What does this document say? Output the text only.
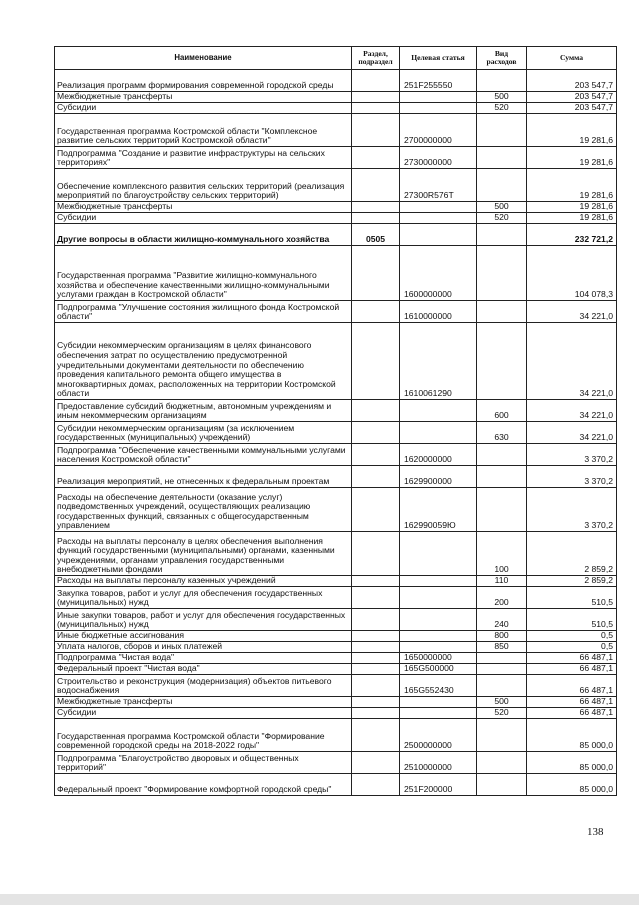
Наименование	Раздел, подраздел	Целевая статья	Вид расходов	Сумма
Реализация программ формирования современной городской среды		251F255550		203 547,7
Межбюджетные трансферты			500	203 547,7
Субсидии			520	203 547,7
Государственная программа Костромской области "Комплексное развитие сельских территорий Костромской области"		2700000000		19 281,6
Подпрограмма "Создание и развитие инфраструктуры на сельских территориях"		2730000000		19 281,6
Обеспечение комплексного развития сельских территорий (реализация мероприятий по благоустройству сельских территорий)		27300R576T		19 281,6
Межбюджетные трансферты			500	19 281,6
Субсидии			520	19 281,6
Другие вопросы в области жилищно-коммунального хозяйства	0505			232 721,2
Государственная программа "Развитие жилищно-коммунального хозяйства и обеспечение качественными жилищно-коммунальными услугами граждан в Костромской области"		1600000000		104 078,3
Подпрограмма "Улучшение состояния жилищного фонда Костромской области"		1610000000		34 221,0
Субсидии некоммерческим организациям в целях финансового обеспечения затрат по осуществлению предусмотренной учредительными документами деятельности по обеспечению проведения капитального ремонта общего имущества в многоквартирных домах, расположенных на территории Костромской области		1610061290		34 221,0
Предоставление субсидий бюджетным, автономным учреждениям и иным некоммерческим организациям			600	34 221,0
Субсидии некоммерческим организациям (за исключением государственных (муниципальных) учреждений)			630	34 221,0
Подпрограмма "Обеспечение качественными коммунальными услугами населения Костромской области"		1620000000		3 370,2
Реализация мероприятий, не отнесенных к федеральным проектам		1629900000		3 370,2
Расходы на обеспечение деятельности (оказание услуг) подведомственных учреждений, осуществляющих реализацию государственных функций, связанных с общегосударственным управлением		162990059Ю		3 370,2
Расходы на выплаты персоналу в целях обеспечения выполнения функций государственными (муниципальными) органами, казенными учреждениями, органами управления государственными внебюджетными фондами			100	2 859,2
Расходы на выплаты персоналу казенных учреждений			110	2 859,2
Закупка товаров, работ и услуг для обеспечения государственных (муниципальных) нужд			200	510,5
Иные закупки товаров, работ и услуг для обеспечения государственных (муниципальных) нужд			240	510,5
Иные бюджетные ассигнования			800	0,5
Уплата налогов, сборов и иных платежей			850	0,5
Подпрограмма "Чистая вода"		1650000000		66 487,1
Федеральный проект "Чистая вода"		165G500000		66 487,1
Строительство и реконструкция (модернизация) объектов питьевого водоснабжения		165G552430		66 487,1
Межбюджетные трансферты			500	66 487,1
Субсидии			520	66 487,1
Государственная программа Костромской области "Формирование современной городской среды на 2018-2022 годы"		2500000000		85 000,0
Подпрограмма "Благоустройство дворовых и общественных территорий"		2510000000		85 000,0
Федеральный проект "Формирование комфортной городской среды"		251F200000		85 000,0
138
